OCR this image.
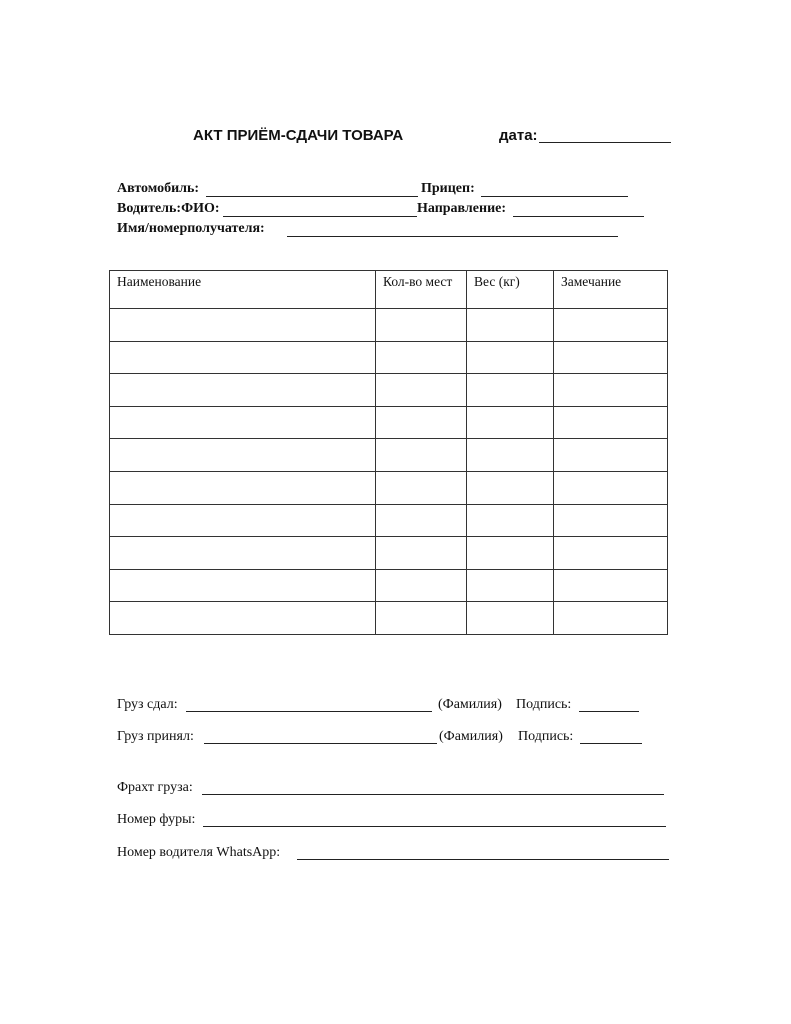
АКТ ПРИЁМ-СДАЧИ ТОВАРА	дата:
Автомобиль:	Прицеп:
Водитель:ФИО:	Направление:
Имя/номерполучателя:
Наименование	Кол-во мест	Вес (кг)	Замечание

Груз сдал:	(Фамилия) Подпись:
Груз принял:	(Фамилия) Подпись:
Фрахт груза:
Номер фуры:
Номер водителя WhatsApp:
